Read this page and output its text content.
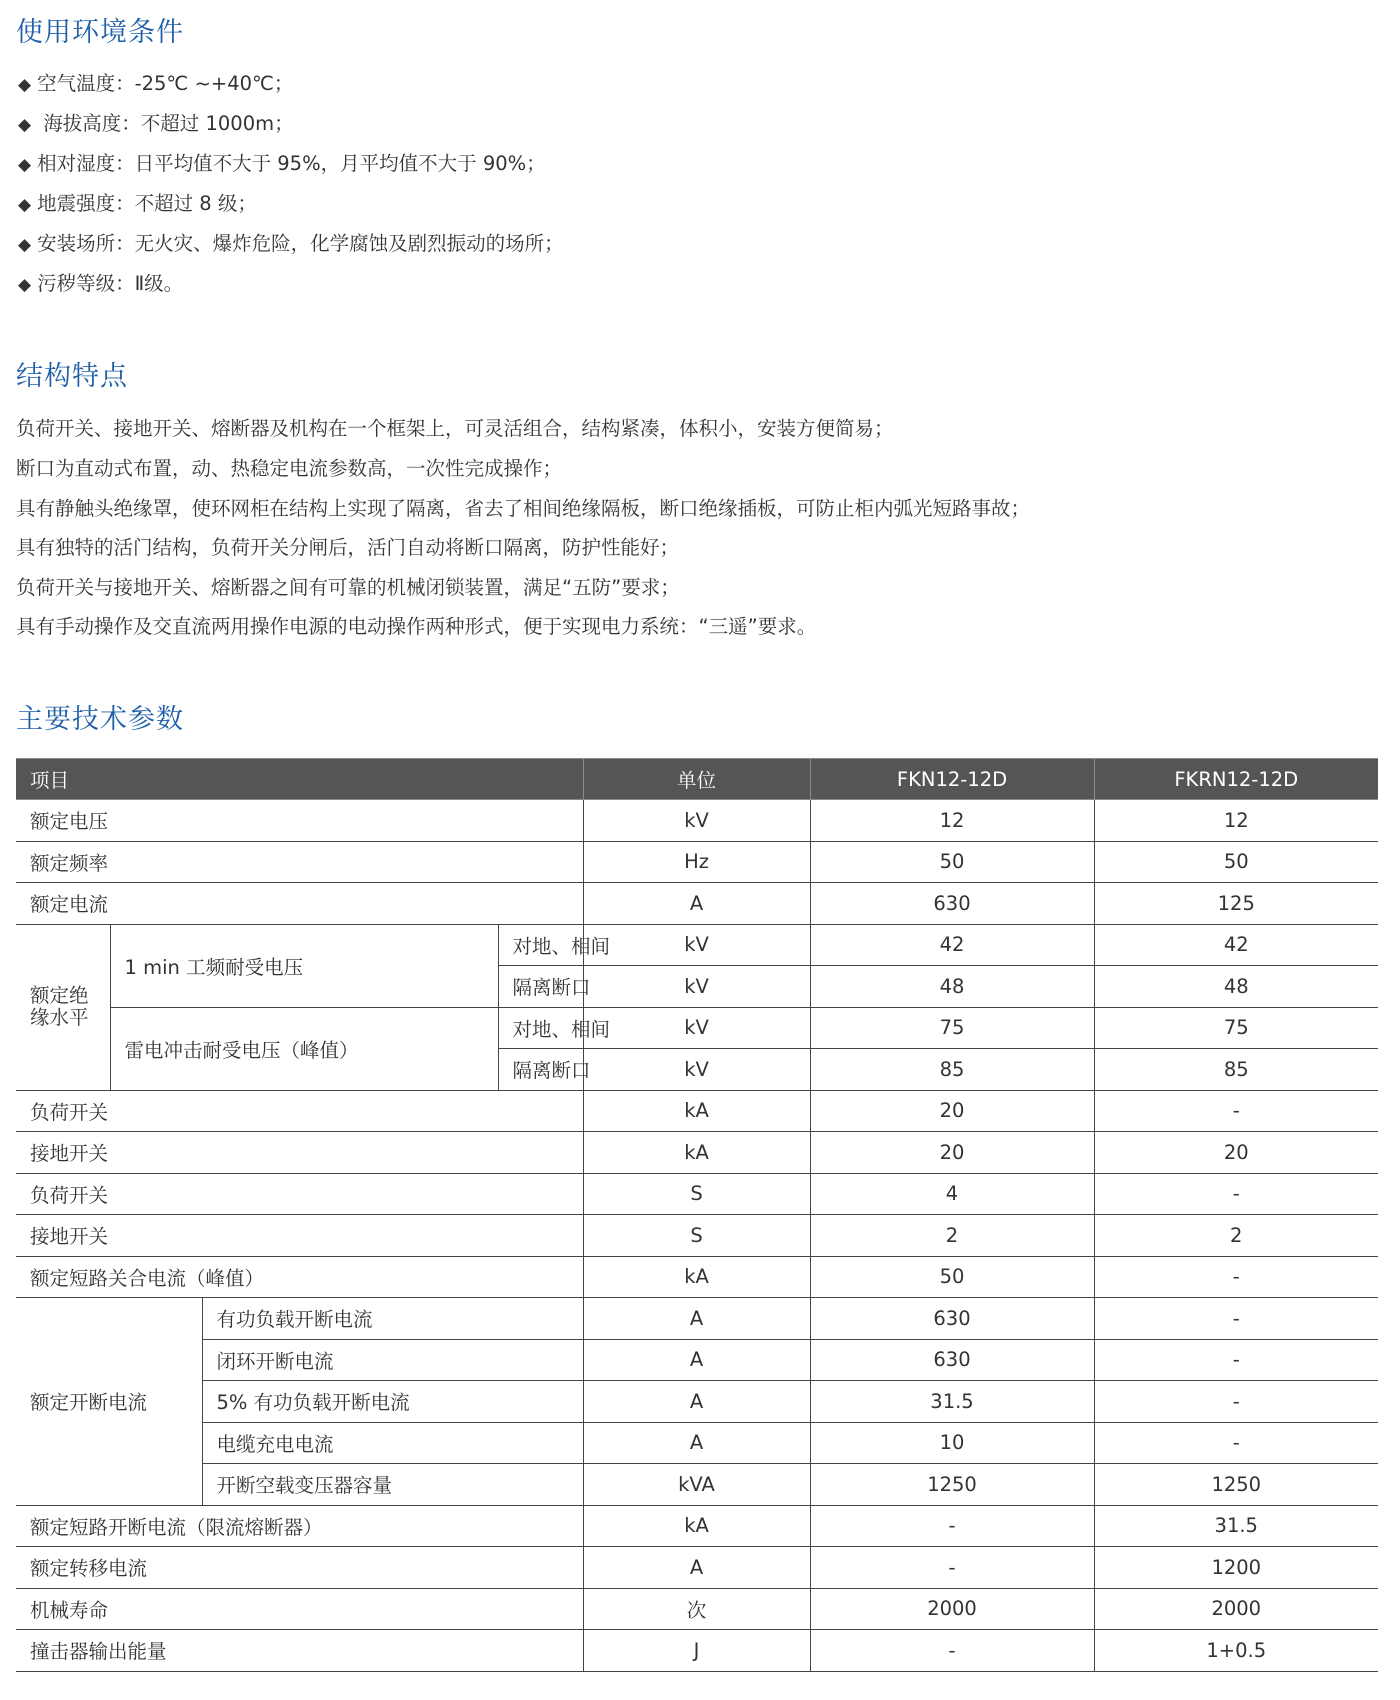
使用环境条件
◆ 空气温度：-25℃ ~+40℃；
◆ 海拔高度：不超过 1000m；
◆ 相对湿度：日平均值不大于 95%，月平均值不大于 90%；
◆ 地震强度：不超过 8 级；
◆ 安装场所：无火灾、爆炸危险，化学腐蚀及剧烈振动的场所；
◆ 污秽等级：Ⅱ级。
结构特点
负荷开关、接地开关、熔断器及机构在一个框架上，可灵活组合，结构紧凑，体积小，安装方便简易；
断口为直动式布置，动、热稳定电流参数高，一次性完成操作；
具有静触头绝缘罩，使环网柜在结构上实现了隔离，省去了相间绝缘隔板，断口绝缘插板，可防止柜内弧光短路事故；
具有独特的活门结构，负荷开关分闸后，活门自动将断口隔离，防护性能好；
负荷开关与接地开关、熔断器之间有可靠的机械闭锁装置，满足“五防”要求；
具有手动操作及交直流两用操作电源的电动操作两种形式，便于实现电力系统：“三遥”要求。
主要技术参数
项目				单位	FKN12-12D	FKRN12-12D
额定电压				kV	12	12
额定频率				Hz	50	50
额定电流				A	630	125
额定绝缘水平	1 min 工频耐受电压		对地、相间	kV	42	42
			隔离断口	kV	48	48
	雷电冲击耐受电压（峰值）		对地、相间	kV	75	75
			隔离断口	kV	85	85
负荷开关				kA	20	-
接地开关				kA	20	20
负荷开关				S	4	-
接地开关				S	2	2
额定短路关合电流（峰值）				kA	50	-
额定开断电流		有功负载开断电流		A	630	-
		闭环开断电流		A	630	-
		5% 有功负载开断电流		A	31.5	-
		电缆充电电流		A	10	-
		开断空载变压器容量		kVA	1250	1250
额定短路开断电流（限流熔断器）				kA	-	31.5
额定转移电流				A	-	1200
机械寿命				次	2000	2000
撞击器输出能量				J	-	1+0.5
